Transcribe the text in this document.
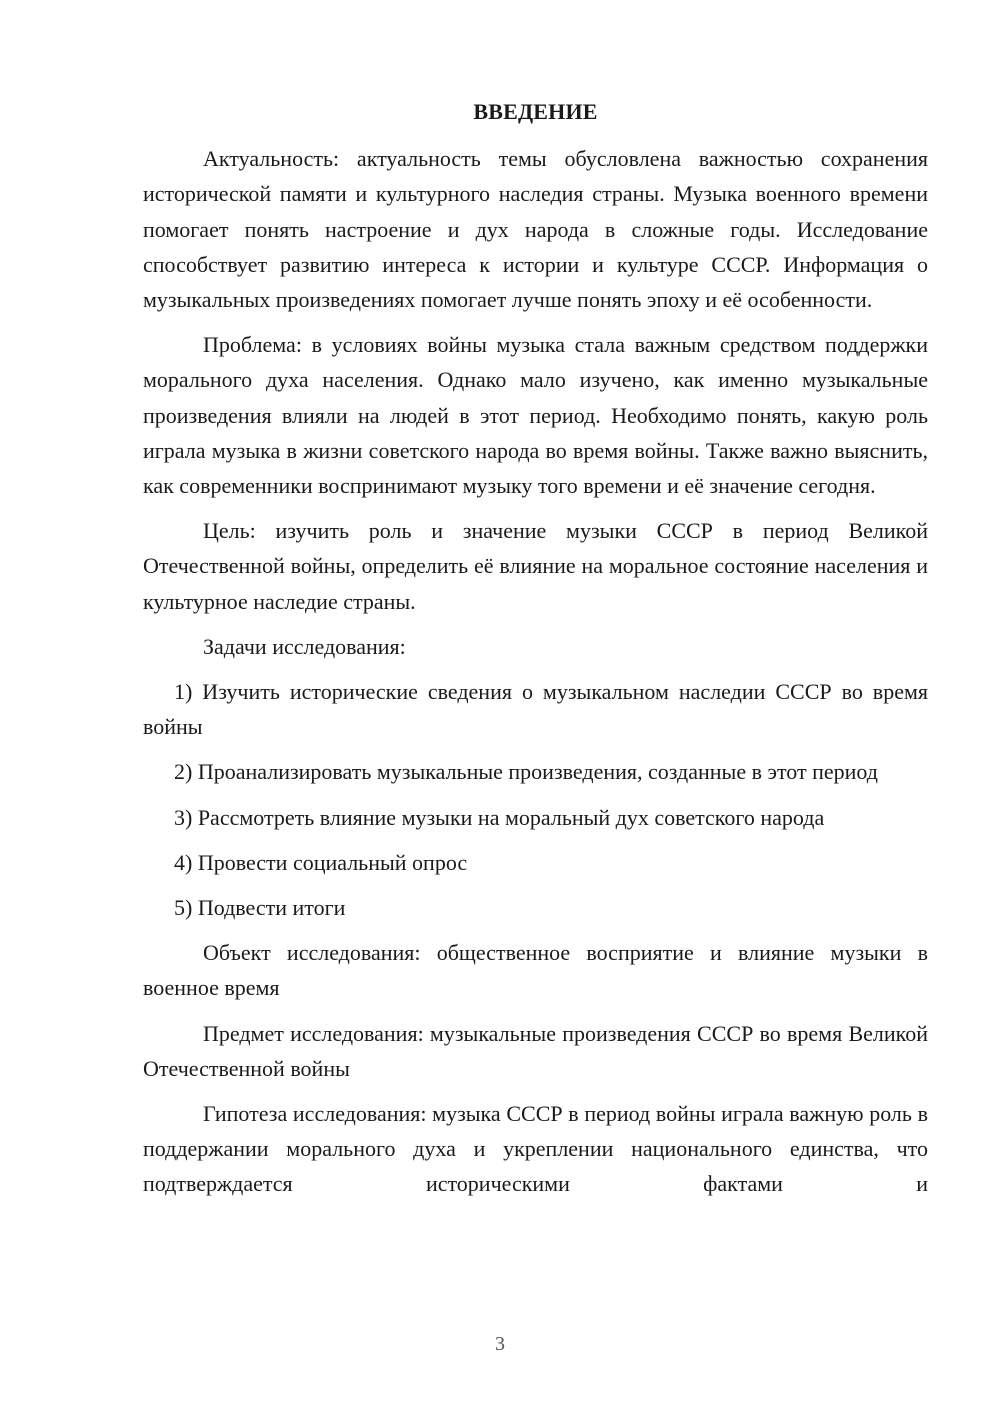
ВВЕДЕНИЕ

Актуальность: актуальность темы обусловлена важностью сохранения исторической памяти и культурного наследия страны. Музыка военного времени помогает понять настроение и дух народа в сложные годы. Исследование способствует развитию интереса к истории и культуре СССР. Информация о музыкальных произведениях помогает лучше понять эпоху и её особенности.

Проблема: в условиях войны музыка стала важным средством поддержки морального духа населения. Однако мало изучено, как именно музыкальные произведения влияли на людей в этот период. Необходимо понять, какую роль играла музыка в жизни советского народа во время войны. Также важно выяснить, как современники воспринимают музыку того времени и её значение сегодня.

Цель: изучить роль и значение музыки СССР в период Великой Отечественной войны, определить её влияние на моральное состояние населения и культурное наследие страны.

Задачи исследования:

1) Изучить исторические сведения о музыкальном наследии СССР во время войны

2) Проанализировать музыкальные произведения, созданные в этот период

3) Рассмотреть влияние музыки на моральный дух советского народа

4) Провести социальный опрос

5) Подвести итоги

Объект исследования: общественное восприятие и влияние музыки в военное время

Предмет исследования: музыкальные произведения СССР во время Великой Отечественной войны

Гипотеза исследования: музыка СССР в период войны играла важную роль в поддержании морального духа и укреплении национального единства, что подтверждается историческими фактами и

3
